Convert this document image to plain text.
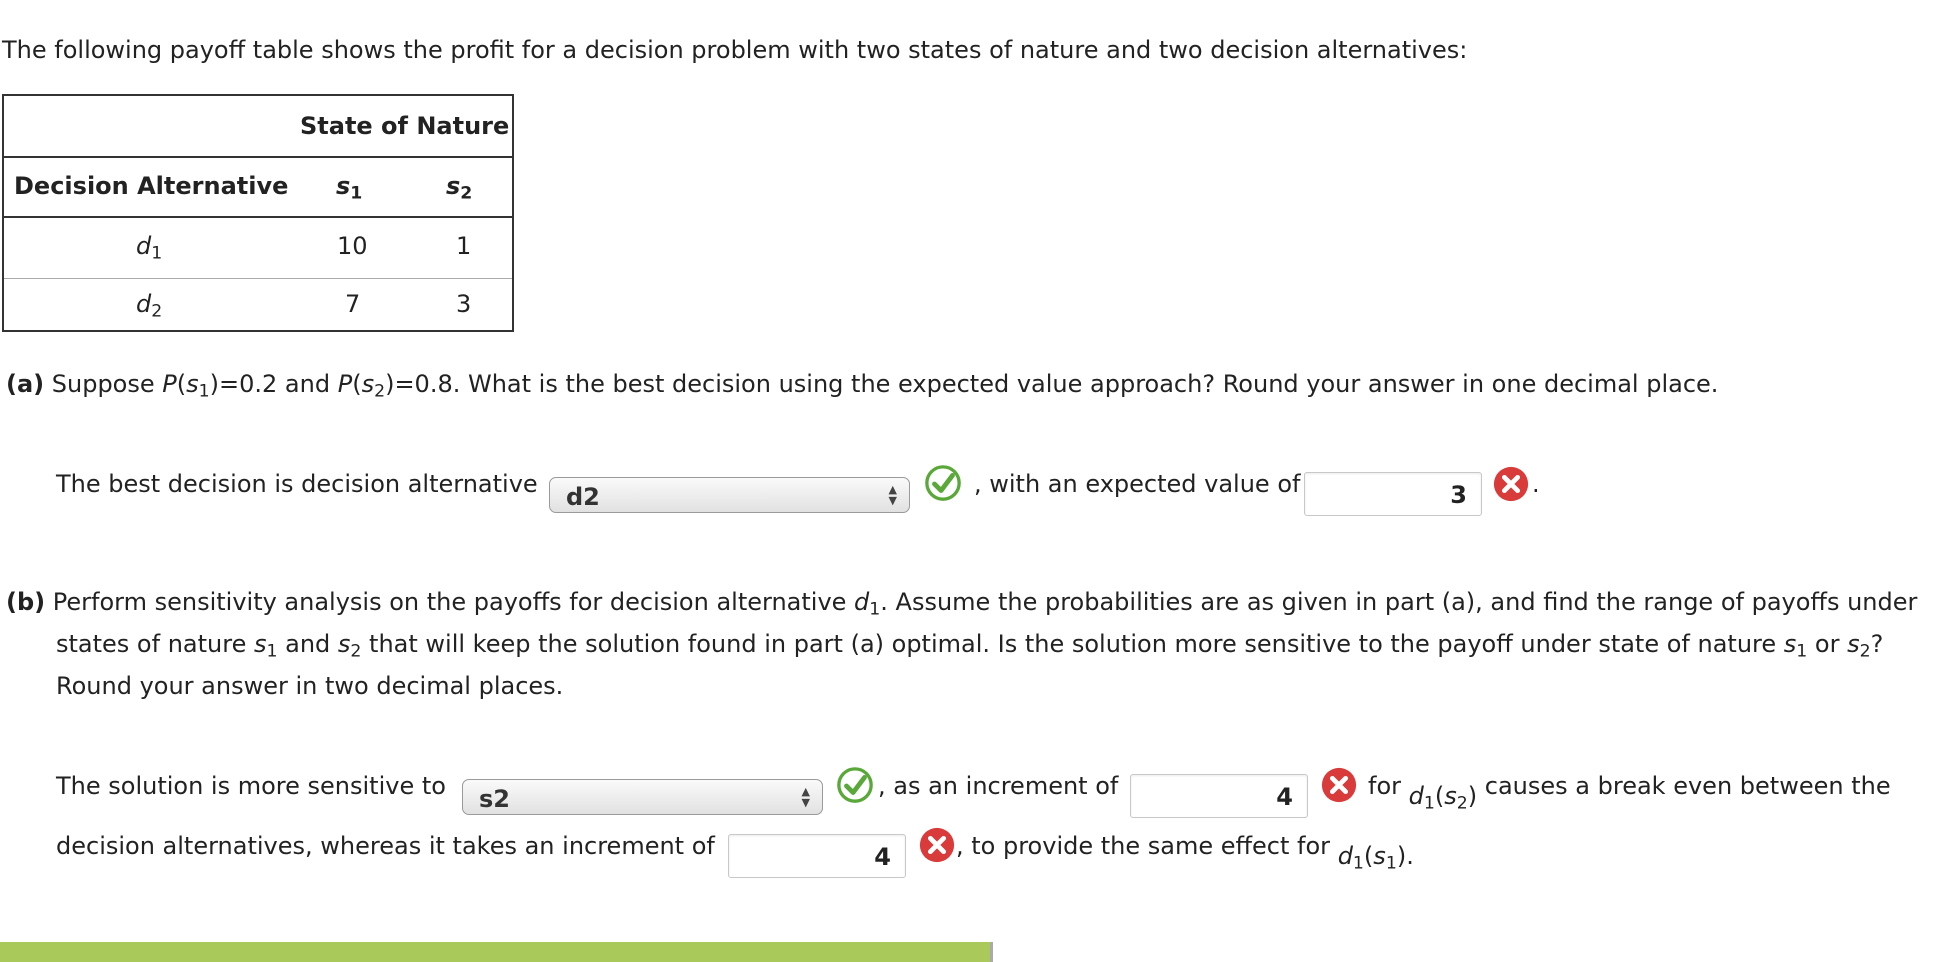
The following payoff table shows the profit for a decision problem with two states of nature and two decision alternatives:
State of Nature
Decision Alternative $s_1$	$s_2$
$d_1$	10	1
$d_2$	7	3
(a) Suppose $P(s_1)=0.2$ and $P(s_2)=0.8$. What is the best decision using the expected value approach? Round your answer in one decimal place.
The best decision is decision alternative d2	▲
▼
, with an expected value of	3	.
(b) Perform sensitivity analysis on the payoffs for decision alternative $d_1$. Assume the probabilities are as given in part (a), and find the range of payoffs under
states of nature $s_1$ and $s_2$ that will keep the solution found in part (a) optimal. Is the solution more sensitive to the payoff under state of nature $s_1$ or $s_2$?
Round your answer in two decimal places.
The solution is more sensitive to s2	▲
▼
, as an increment of	4	for $d_1(s_2)$ causes a break even between the
decision alternatives, whereas it takes an increment of	4	, to provide the same effect for $d_1(s_1)$.
